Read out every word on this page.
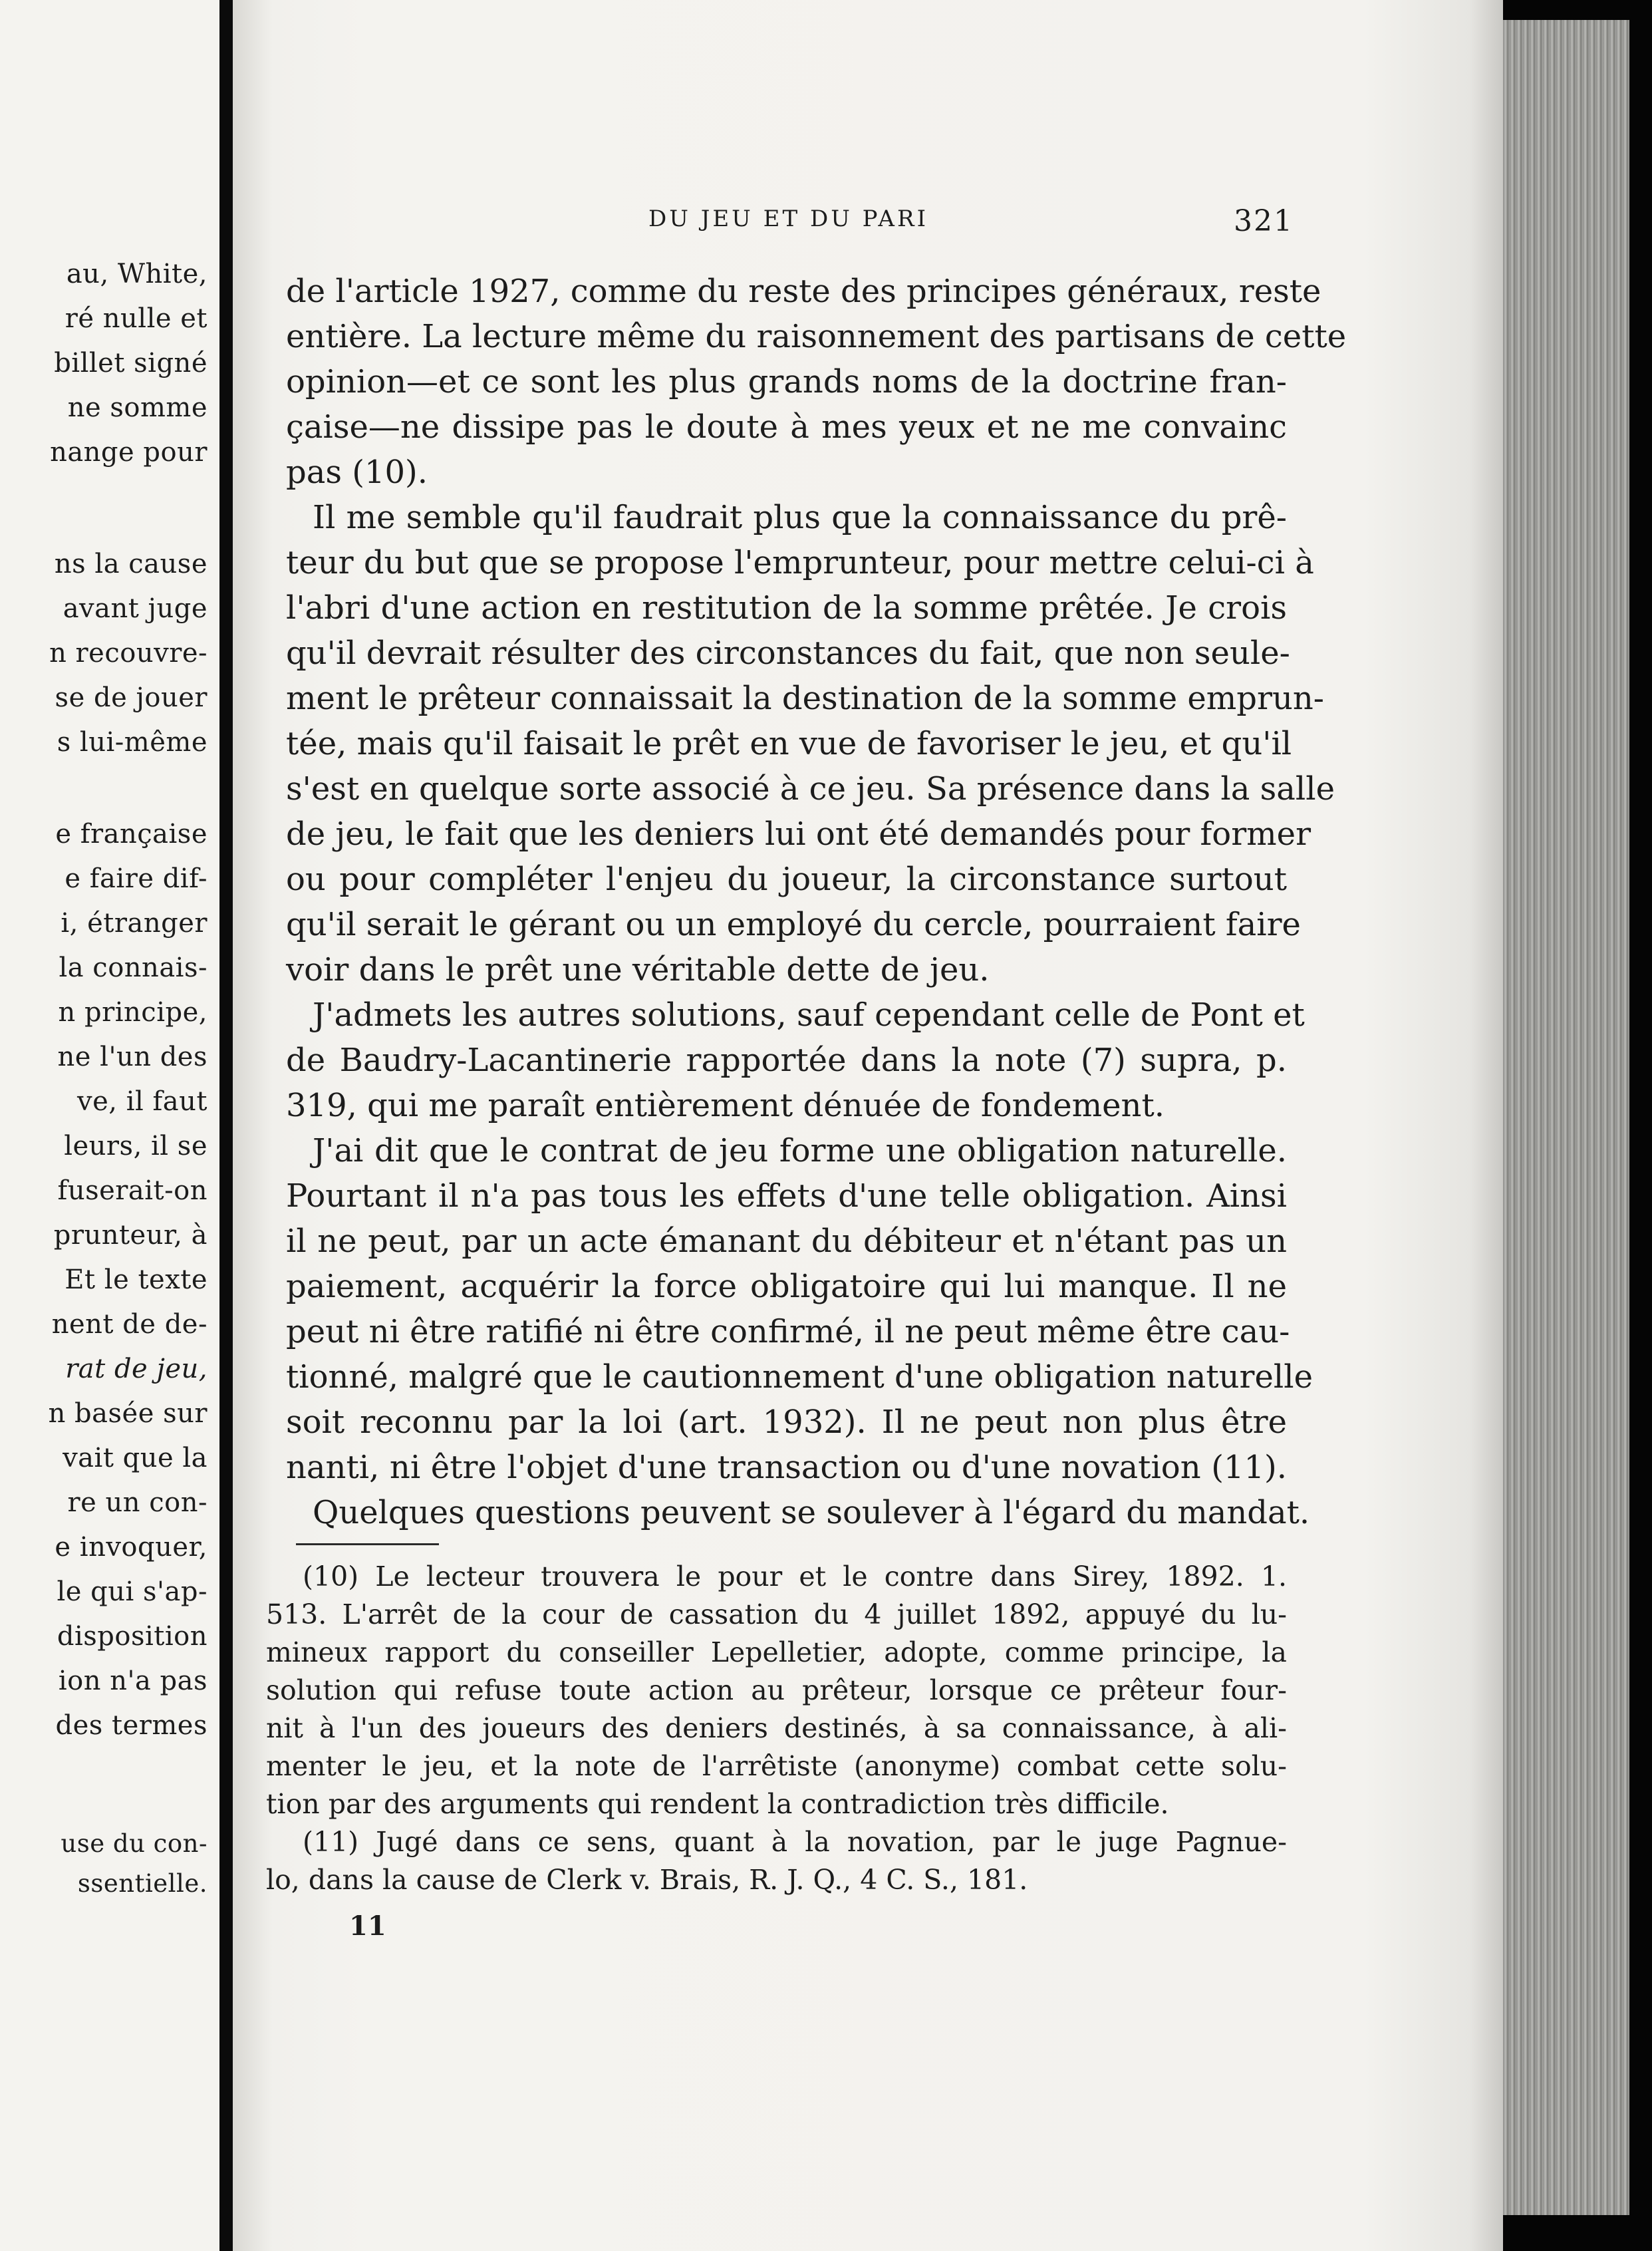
au, White,
ré nulle et
billet signé
ne somme
nange pour
ns la cause
avant juge
n recouvre-
se de jouer
s lui-même
e française
e faire dif-
i, étranger
la connais-
n principe,
ne l'un des
ve, il faut
leurs, il se
fuserait-on
prunteur, à
Et le texte
nent de de-
rat de jeu,
n basée sur
vait que la
re un con-
e invoquer,
le qui s'ap-
disposition
ion n'a pas
des termes
use du con-
ssentielle.
DU JEU ET DU PARI	321
de l'article 1927, comme du reste des principes généraux, reste
entière. La lecture même du raisonnement des partisans de cette
opinion—et ce sont les plus grands noms de la doctrine fran-
çaise—ne dissipe pas le doute à mes yeux et ne me convainc
pas (10).
Il me semble qu'il faudrait plus que la connaissance du prê-
teur du but que se propose l'emprunteur, pour mettre celui-ci à
l'abri d'une action en restitution de la somme prêtée. Je crois
qu'il devrait résulter des circonstances du fait, que non seule-
ment le prêteur connaissait la destination de la somme emprun-
tée, mais qu'il faisait le prêt en vue de favoriser le jeu, et qu'il
s'est en quelque sorte associé à ce jeu. Sa présence dans la salle
de jeu, le fait que les deniers lui ont été demandés pour former
ou pour compléter l'enjeu du joueur, la circonstance surtout
qu'il serait le gérant ou un employé du cercle, pourraient faire
voir dans le prêt une véritable dette de jeu.
J'admets les autres solutions, sauf cependant celle de Pont et
de Baudry-Lacantinerie rapportée dans la note (7) supra, p.
319, qui me paraît entièrement dénuée de fondement.
J'ai dit que le contrat de jeu forme une obligation naturelle.
Pourtant il n'a pas tous les effets d'une telle obligation. Ainsi
il ne peut, par un acte émanant du débiteur et n'étant pas un
paiement, acquérir la force obligatoire qui lui manque. Il ne
peut ni être ratifié ni être confirmé, il ne peut même être cau-
tionné, malgré que le cautionnement d'une obligation naturelle
soit reconnu par la loi (art. 1932). Il ne peut non plus être
nanti, ni être l'objet d'une transaction ou d'une novation (11).
Quelques questions peuvent se soulever à l'égard du mandat.
(10) Le lecteur trouvera le pour et le contre dans Sirey, 1892. 1.
513. L'arrêt de la cour de cassation du 4 juillet 1892, appuyé du lu-
mineux rapport du conseiller Lepelletier, adopte, comme principe, la
solution qui refuse toute action au prêteur, lorsque ce prêteur four-
nit à l'un des joueurs des deniers destinés, à sa connaissance, à ali-
menter le jeu, et la note de l'arrêtiste (anonyme) combat cette solu-
tion par des arguments qui rendent la contradiction très difficile.
(11) Jugé dans ce sens, quant à la novation, par le juge Pagnue-
lo, dans la cause de Clerk v. Brais, R. J. Q., 4 C. S., 181.
11
